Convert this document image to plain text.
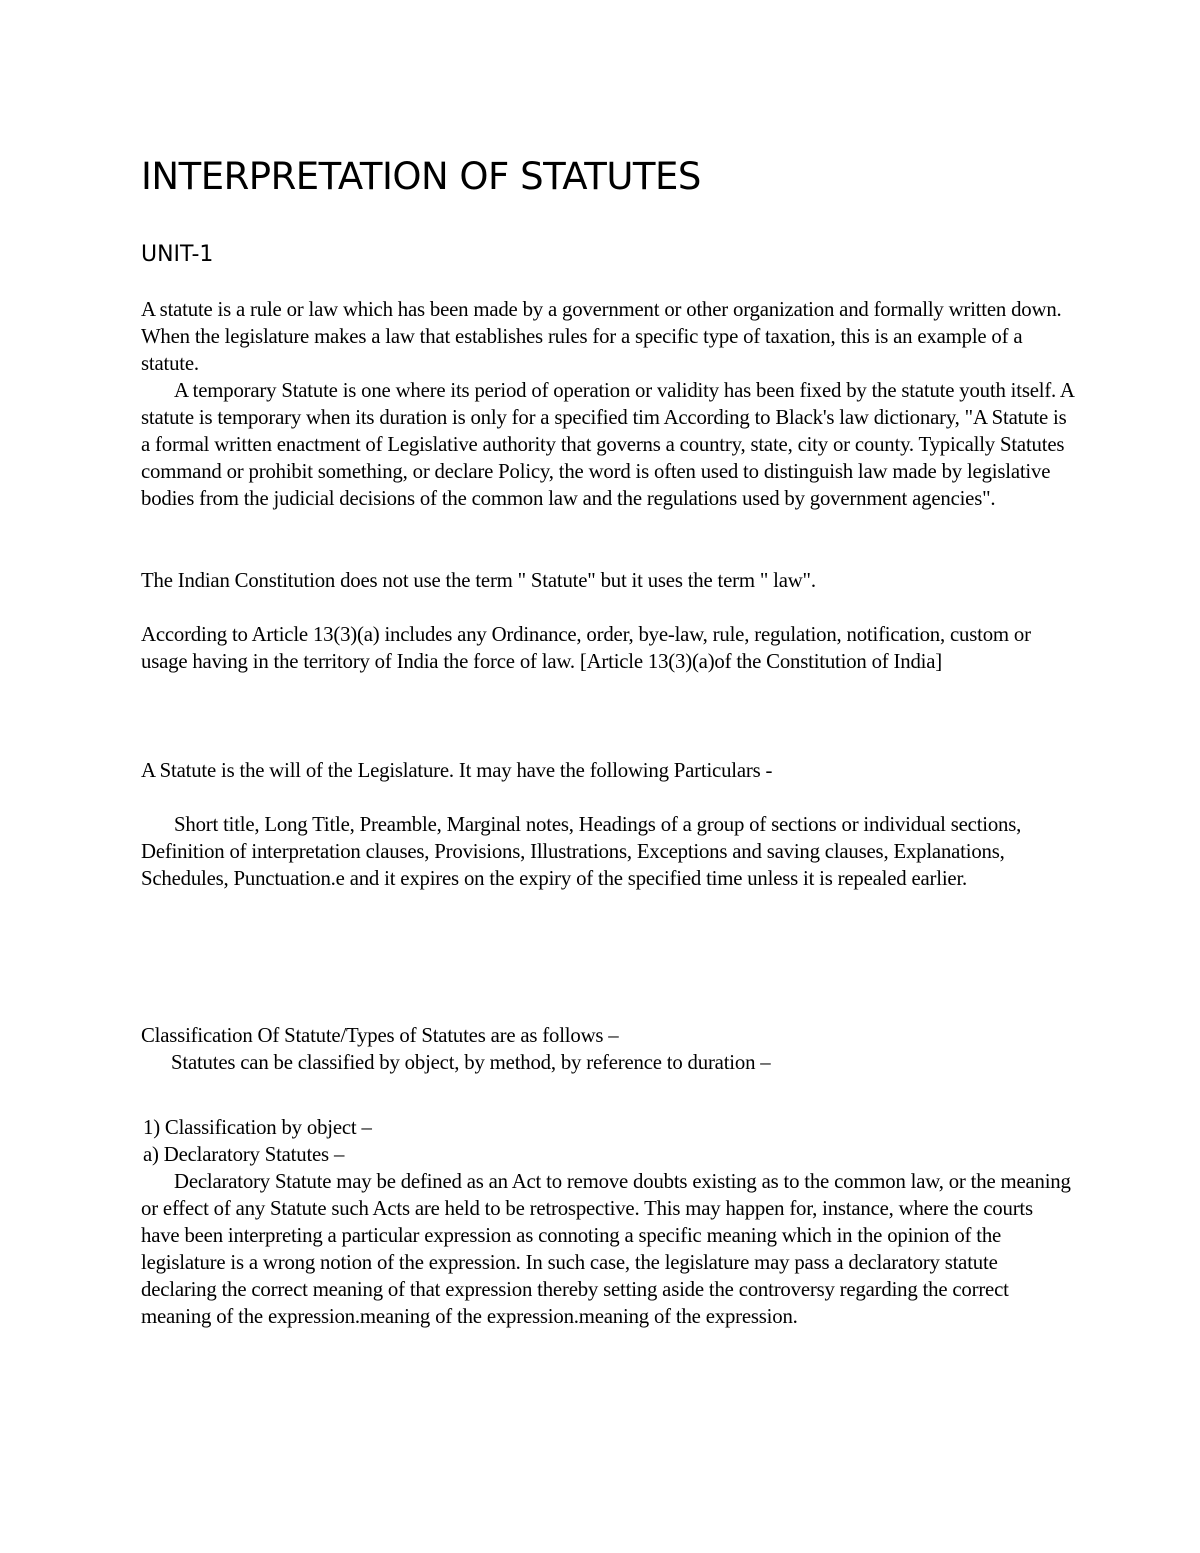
INTERPRETATION OF STATUTES
UNIT-1

A statute is a rule or law which has been made by a government or other organization and formally written down. When the legislature makes a law that establishes rules for a specific type of taxation, this is an example of a statute.

A temporary Statute is one where its period of operation or validity has been fixed by the statute youth itself. A statute is temporary when its duration is only for a specified tim According to Black's law dictionary, "A Statute is a formal written enactment of Legislative authority that governs a country, state, city or county. Typically Statutes command or prohibit something, or declare Policy, the word is often used to distinguish law made by legislative bodies from the judicial decisions of the common law and the regulations used by government agencies".

The Indian Constitution does not use the term " Statute" but it uses the term " law".

According to Article 13(3)(a) includes any Ordinance, order, bye-law, rule, regulation, notification, custom or usage having in the territory of India the force of law. [Article 13(3)(a)of the Constitution of India]

A Statute is the will of the Legislature. It may have the following Particulars -

Short title, Long Title, Preamble, Marginal notes, Headings of a group of sections or individual sections, Definition of interpretation clauses, Provisions, Illustrations, Exceptions and saving clauses, Explanations, Schedules, Punctuation.e and it expires on the expiry of the specified time unless it is repealed earlier.

Classification Of Statute/Types of Statutes are as follows –

Statutes can be classified by object, by method, by reference to duration –

1) Classification by object –

a) Declaratory Statutes –

Declaratory Statute may be defined as an Act to remove doubts existing as to the common law, or the meaning or effect of any Statute such Acts are held to be retrospective. This may happen for, instance, where the courts have been interpreting a particular expression as connoting a specific meaning which in the opinion of the legislature is a wrong notion of the expression. In such case, the legislature may pass a declaratory statute declaring the correct meaning of that expression thereby setting aside the controversy regarding the correct meaning of the expression.meaning of the expression.meaning of the expression.
